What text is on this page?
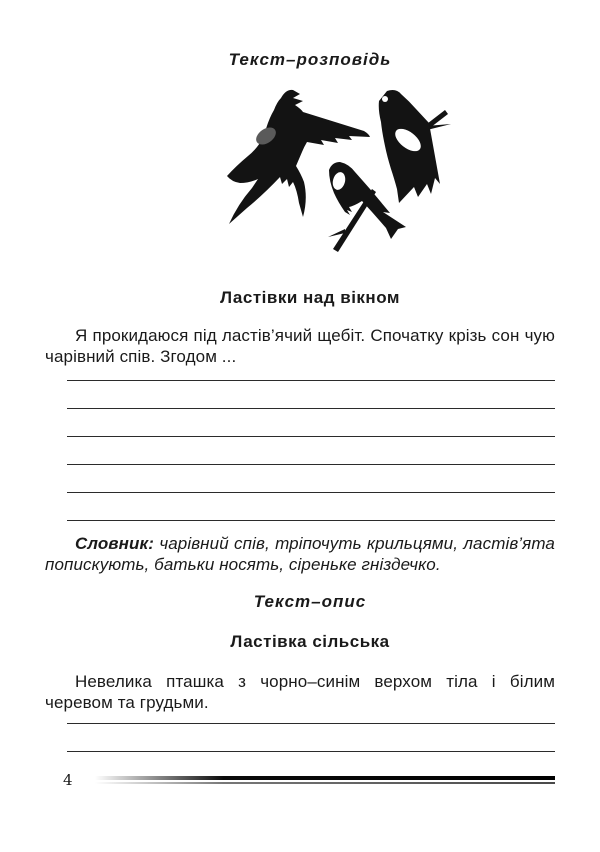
Текст–розповідь
Ластівки над вікном
Я прокидаюся під ластів’ячий щебіт. Спочатку крізь сон чую чарівний спів. Згодом ...
Словник: чарівний спів, тріпочуть крильцями, ластів’ята попискують, батьки носять, сіреньке гніздечко.
Текст–опис
Ластівка сільська
Невелика пташка з чорно–синім верхом тіла і білим черевом та грудьми.
4
